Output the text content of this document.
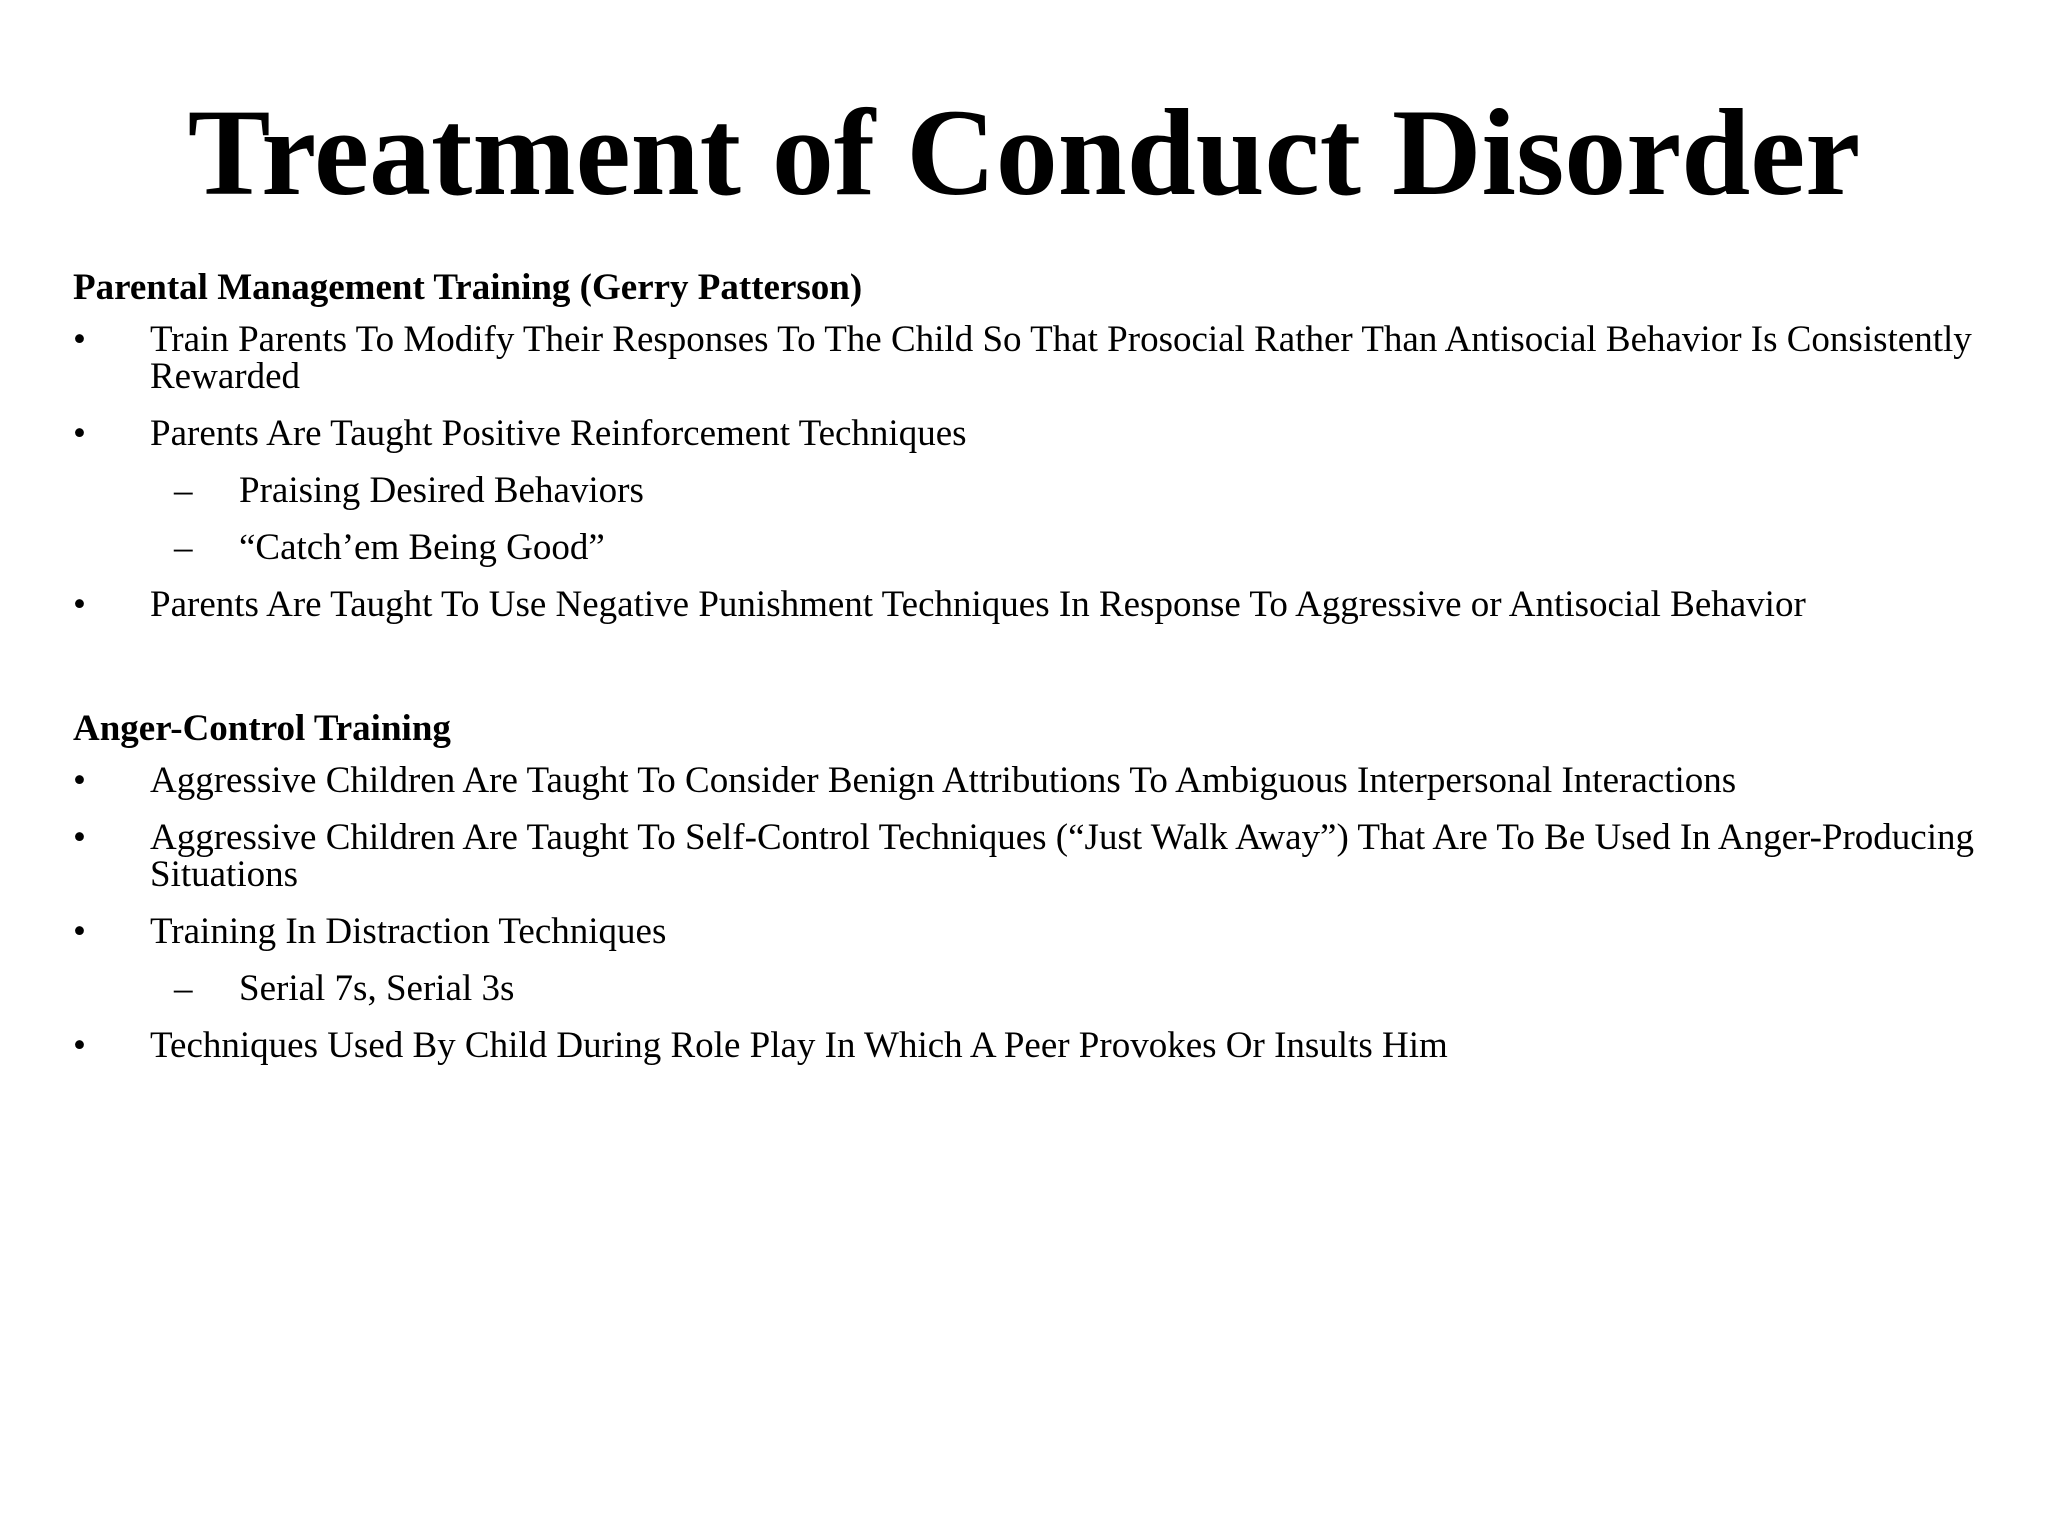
Treatment of Conduct Disorder
Parental Management Training (Gerry Patterson)
•	Train Parents To Modify Their Responses To The Child So That Prosocial Rather Than Antisocial Behavior Is Consistently Rewarded
•	Parents Are Taught Positive Reinforcement Techniques
–	Praising Desired Behaviors
–	“Catch’em Being Good”
•	Parents Are Taught To Use Negative Punishment Techniques In Response To Aggressive or Antisocial Behavior
Anger-Control Training
•	Aggressive Children Are Taught To Consider Benign Attributions To Ambiguous Interpersonal Interactions
•	Aggressive Children Are Taught To Self-Control Techniques (“Just Walk Away”) That Are To Be Used In Anger-Producing Situations
•	Training In Distraction Techniques
–	Serial 7s, Serial 3s
•	Techniques Used By Child During Role Play In Which A Peer Provokes Or Insults Him
